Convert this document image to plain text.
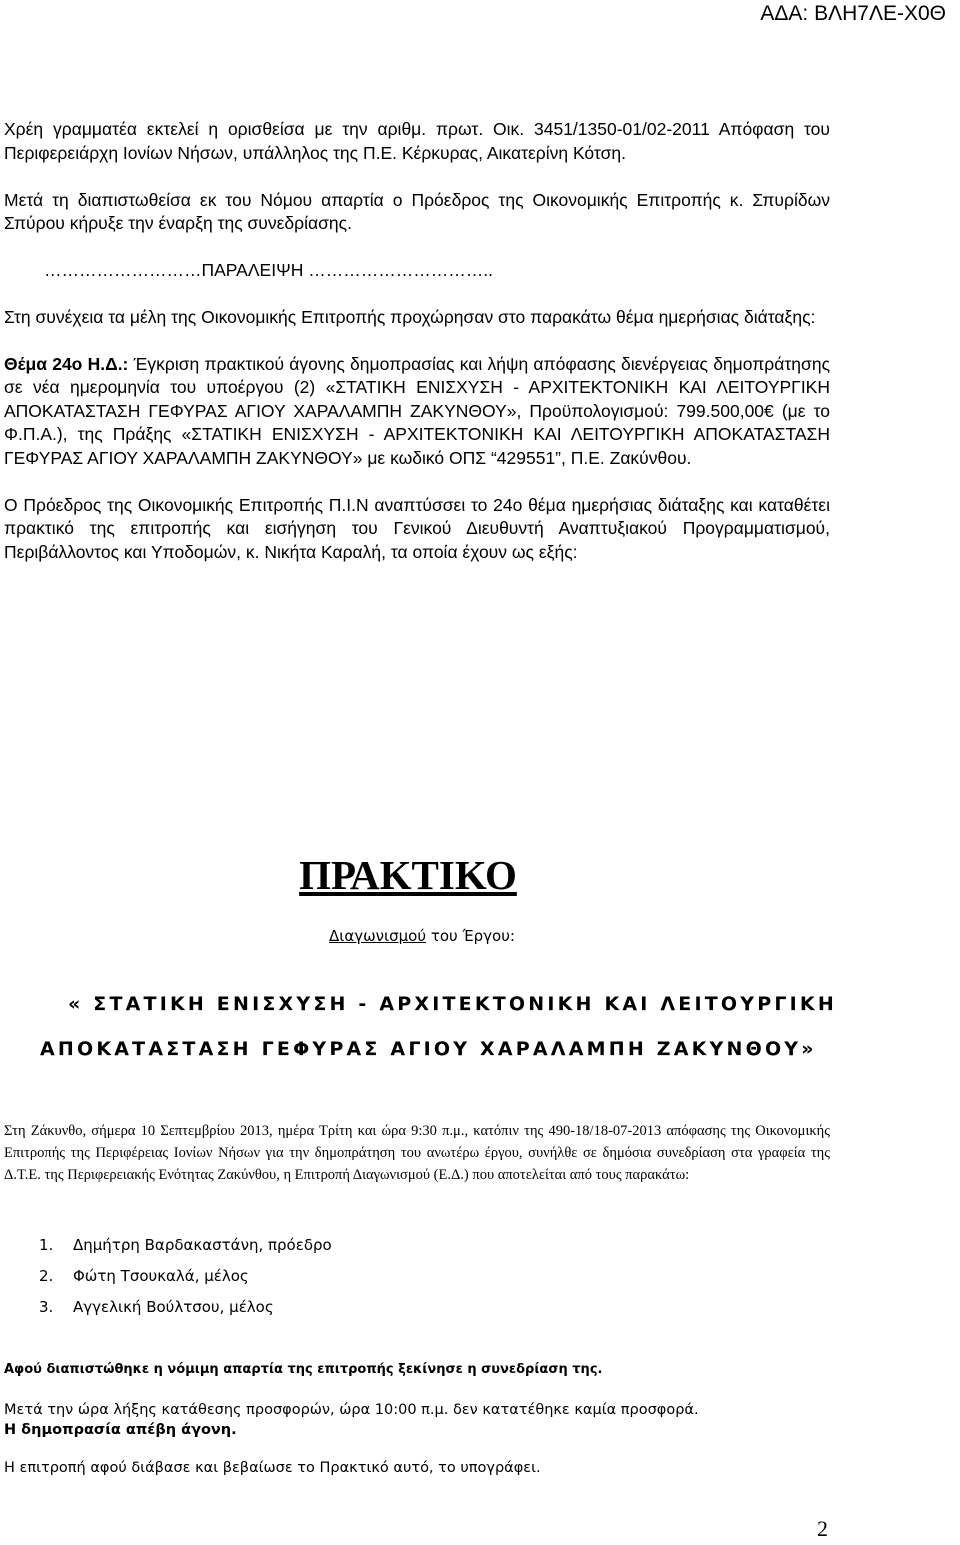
ΑΔΑ: ΒΛΗ7ΛΕ-Χ0Θ

Χρέη γραμματέα εκτελεί η ορισθείσα με την αριθμ. πρωτ. Οικ. 3451/1350-01/02-2011 Απόφαση του Περιφερειάρχη Ιονίων Νήσων, υπάλληλος της Π.Ε. Κέρκυρας, Αικατερίνη Κότση.

Μετά τη διαπιστωθείσα εκ του Νόμου απαρτία ο Πρόεδρος της Οικονομικής Επιτροπής κ. Σπυρίδων Σπύρου κήρυξε την έναρξη της συνεδρίασης.

………………………ΠΑΡΑΛΕΙΨΗ …………………………..

Στη συνέχεια τα μέλη της Οικονομικής Επιτροπής προχώρησαν στο παρακάτω θέμα ημερήσιας διάταξης:

Θέμα 24ο Η.Δ.: Έγκριση πρακτικού άγονης δημοπρασίας και λήψη απόφασης διενέργειας δημοπράτησης σε νέα ημερομηνία του υποέργου (2) «ΣΤΑΤΙΚΗ ΕΝΙΣΧΥΣΗ - ΑΡΧΙΤΕΚΤΟΝΙΚΗ ΚΑΙ ΛΕΙΤΟΥΡΓΙΚΗ ΑΠΟΚΑΤΑΣΤΑΣΗ ΓΕΦΥΡΑΣ ΑΓΙΟΥ ΧΑΡΑΛΑΜΠΗ ΖΑΚΥΝΘΟΥ», Προϋπολογισμού: 799.500,00€ (με το Φ.Π.Α.), της Πράξης «ΣΤΑΤΙΚΗ ΕΝΙΣΧΥΣΗ - ΑΡΧΙΤΕΚΤΟΝΙΚΗ ΚΑΙ ΛΕΙΤΟΥΡΓΙΚΗ ΑΠΟΚΑΤΑΣΤΑΣΗ ΓΕΦΥΡΑΣ ΑΓΙΟΥ ΧΑΡΑΛΑΜΠΗ ΖΑΚΥΝΘΟΥ» με κωδικό ΟΠΣ “429551”, Π.Ε. Ζακύνθου.

Ο Πρόεδρος της Οικονομικής Επιτροπής Π.Ι.Ν αναπτύσσει το 24ο θέμα ημερήσιας διάταξης και καταθέτει πρακτικό της επιτροπής και εισήγηση του Γενικού Διευθυντή Αναπτυξιακού Προγραμματισμού, Περιβάλλοντος και Υποδομών, κ. Νικήτα Καραλή, τα οποία έχουν ως εξής:

ΠΡΑΚΤΙΚΟ
Διαγωνισμού του Έργου:
« ΣΤΑΤΙΚΗ ΕΝΙΣΧΥΣΗ - ΑΡΧΙΤΕΚΤΟΝΙΚΗ ΚΑΙ ΛΕΙΤΟΥΡΓΙΚΗ
ΑΠΟΚΑΤΑΣΤΑΣΗ ΓΕΦΥΡΑΣ ΑΓΙΟΥ ΧΑΡΑΛΑΜΠΗ ΖΑΚΥΝΘΟΥ»

Στη Ζάκυνθο, σήμερα 10 Σεπτεμβρίου 2013, ημέρα Τρίτη και ώρα 9:30 π.μ., κατόπιν της 490-18/18-07-2013 απόφασης της Οικονομικής Επιτροπής της Περιφέρειας Ιονίων Νήσων για την δημοπράτηση του ανωτέρω έργου, συνήλθε σε δημόσια συνεδρίαση στα γραφεία της Δ.Τ.Ε. της Περιφερειακής Ενότητας Ζακύνθου, η Επιτροπή Διαγωνισμού (Ε.Δ.) που αποτελείται από τους παρακάτω:

1. Δημήτρη Βαρδακαστάνη, πρόεδρο
2. Φώτη Τσουκαλά, μέλος
3. Αγγελική Βούλτσου, μέλος
Αφού διαπιστώθηκε η νόμιμη απαρτία της επιτροπής ξεκίνησε η συνεδρίαση της.
Μετά την ώρα λήξης κατάθεσης προσφορών, ώρα 10:00 π.μ. δεν κατατέθηκε καμία προσφορά.
Η δημοπρασία απέβη άγονη.
Η επιτροπή αφού διάβασε και βεβαίωσε το Πρακτικό αυτό, το υπογράφει.
2
